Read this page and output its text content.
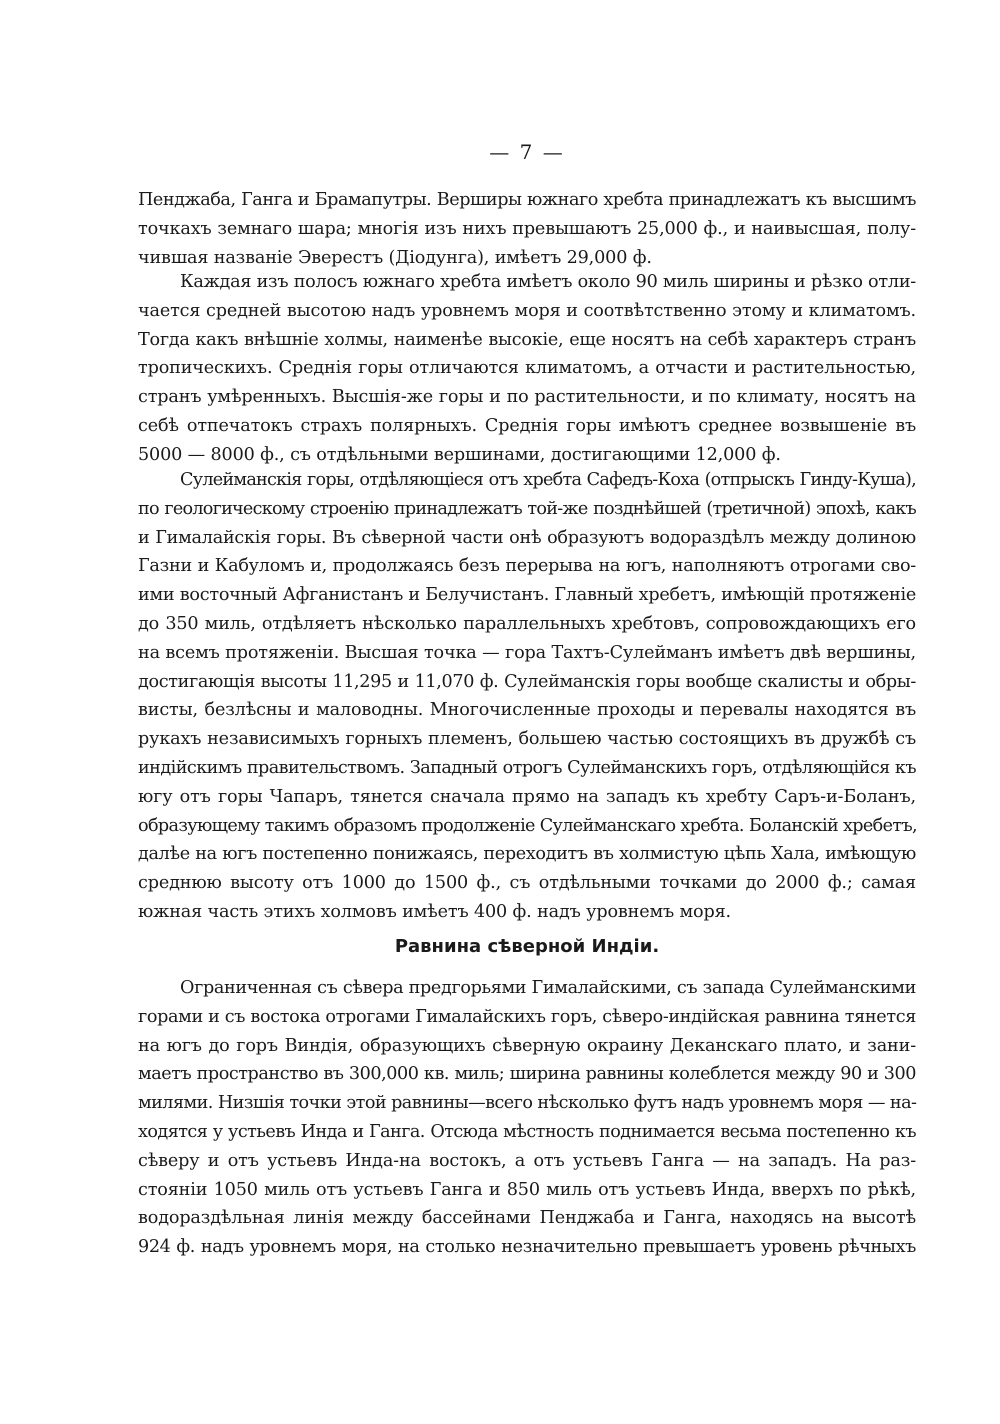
— 7 —
Пенджаба, Ганга и Брамапутры. Верширы южнаго хребта принадлежатъ къ высшимъ
точкахъ земнаго шара; многія изъ нихъ превышаютъ 25,000 ф., и наивысшая, полу-
чившая названіе Эверестъ (Діодунга), имѣетъ 29,000 ф.
Каждая изъ полосъ южнаго хребта имѣетъ около 90 миль ширины и рѣзко отли-
чается средней высотою надъ уровнемъ моря и соотвѣтственно этому и климатомъ.
Тогда какъ внѣшніе холмы, наименѣе высокіе, еще носятъ на себѣ характеръ странъ
тропическихъ. Среднія горы отличаются климатомъ, а отчасти и растительностью,
странъ умѣренныхъ. Высшія-же горы и по растительности, и по климату, носятъ на
себѣ отпечатокъ страхъ полярныхъ. Среднія горы имѣютъ среднее возвышеніе въ
5000 — 8000 ф., съ отдѣльными вершинами, достигающими 12,000 ф.
Сулейманскія горы, отдѣляющіеся отъ хребта Сафедъ-Коха (отпрыскъ Гинду-Куша),
по геологическому строенію принадлежатъ той-же позднѣйшей (третичной) эпохѣ, какъ
и Гималайскія горы. Въ сѣверной части онѣ образуютъ водораздѣлъ между долиною
Газни и Кабуломъ и, продолжаясь безъ перерыва на югъ, наполняютъ отрогами сво-
ими восточный Афганистанъ и Белучистанъ. Главный хребетъ, имѣющій протяженіе
до 350 миль, отдѣляетъ нѣсколько параллельныхъ хребтовъ, сопровождающихъ его
на всемъ протяженіи. Высшая точка — гора Тахтъ-Сулейманъ имѣетъ двѣ вершины,
достигающія высоты 11,295 и 11,070 ф. Сулейманскія горы вообще скалисты и обры-
висты, безлѣсны и маловодны. Многочисленные проходы и перевалы находятся въ
рукахъ независимыхъ горныхъ племенъ, большею частью состоящихъ въ дружбѣ съ
индійскимъ правительствомъ. Западный отрогъ Сулейманскихъ горъ, отдѣляющійся къ
югу отъ горы Чапаръ, тянется сначала прямо на западъ къ хребту Саръ-и-Боланъ,
образующему такимъ образомъ продолженіе Сулейманскаго хребта. Боланскій хребетъ,
далѣе на югъ постепенно понижаясь, переходитъ въ холмистую цѣпь Хала, имѣющую
среднюю высоту отъ 1000 до 1500 ф., съ отдѣльными точками до 2000 ф.; самая
южная часть этихъ холмовъ имѣетъ 400 ф. надъ уровнемъ моря.
Равнина сѣверной Индіи.
Ограниченная съ сѣвера предгорьями Гималайскими, съ запада Сулейманскими
горами и съ востока отрогами Гималайскихъ горъ, сѣверо-индійская равнина тянется
на югъ до горъ Виндія, образующихъ сѣверную окраину Деканскаго плато, и зани-
маетъ пространство въ 300,000 кв. миль; ширина равнины колеблется между 90 и 300
милями. Низшія точки этой равнины—всего нѣсколько футъ надъ уровнемъ моря — на-
ходятся у устьевъ Инда и Ганга. Отсюда мѣстность поднимается весьма постепенно къ
сѣверу и отъ устьевъ Инда-на востокъ, а отъ устьевъ Ганга — на западъ. На раз-
стояніи 1050 миль отъ устьевъ Ганга и 850 миль отъ устьевъ Инда, вверхъ по рѣкѣ,
водораздѣльная линія между бассейнами Пенджаба и Ганга, находясь на высотѣ
924 ф. надъ уровнемъ моря, на столько незначительно превышаетъ уровень рѣчныхъ
